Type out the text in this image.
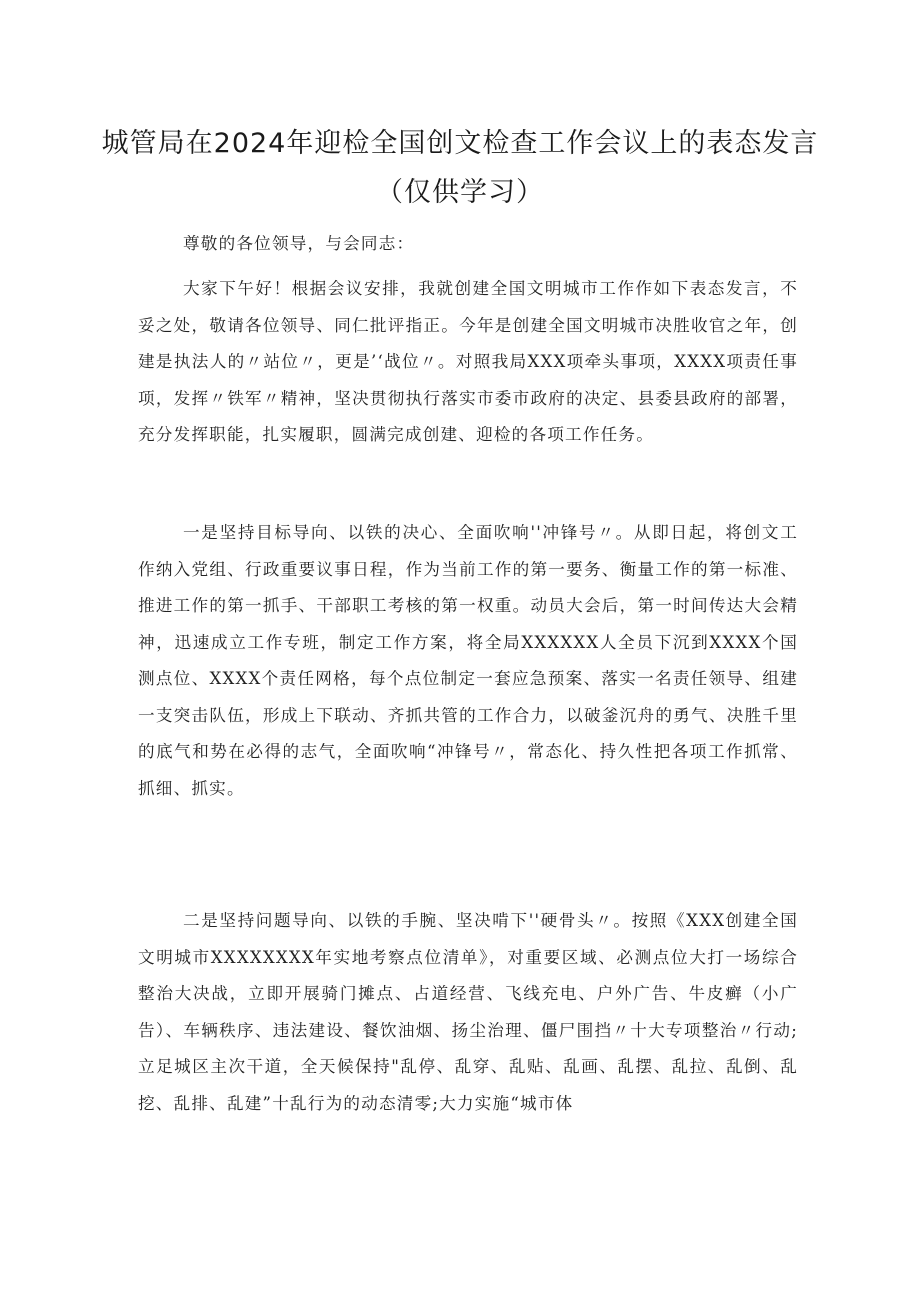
城管局在2024年迎检全国创文检查工作会议上的表态发言
（仅供学习）

尊敬的各位领导，与会同志：

大家下午好！根据会议安排，我就创建全国文明城市工作作如下表态发言，不妥之处，敬请各位领导、同仁批评指正。今年是创建全国文明城市决胜收官之年，创建是执法人的〃站位〃，更是’‘战位〃。对照我局XXX项牵头事项，XXXX项责任事项，发挥〃铁军〃精神，坚决贯彻执行落实市委市政府的决定、县委县政府的部署，充分发挥职能，扎实履职，圆满完成创建、迎检的各项工作任务。

一是坚持目标导向、以铁的决心、全面吹响''冲锋号〃。从即日起，将创文工作纳入党组、行政重要议事日程，作为当前工作的第一要务、衡量工作的第一标准、推进工作的第一抓手、干部职工考核的第一权重。动员大会后，第一时间传达大会精神，迅速成立工作专班，制定工作方案，将全局XXXXXX人全员下沉到XXXX个国测点位、XXXX个责任网格，每个点位制定一套应急预案、落实一名责任领导、组建一支突击队伍，形成上下联动、齐抓共管的工作合力，以破釜沉舟的勇气、决胜千里的底气和势在必得的志气，全面吹响“冲锋号〃，常态化、持久性把各项工作抓常、抓细、抓实。

二是坚持问题导向、以铁的手腕、坚决啃下''硬骨头〃。按照《XXX创建全国文明城市XXXXXXXX年实地考察点位清单》，对重要区域、必测点位大打一场综合整治大决战，立即开展骑门摊点、占道经营、飞线充电、户外广告、牛皮癣（小广告）、车辆秩序、违法建设、餐饮油烟、扬尘治理、僵尸围挡〃十大专项整治〃行动;立足城区主次干道，全天候保持"乱停、乱穿、乱贴、乱画、乱摆、乱拉、乱倒、乱挖、乱排、乱建”十乱行为的动态清零;大力实施“城市体
